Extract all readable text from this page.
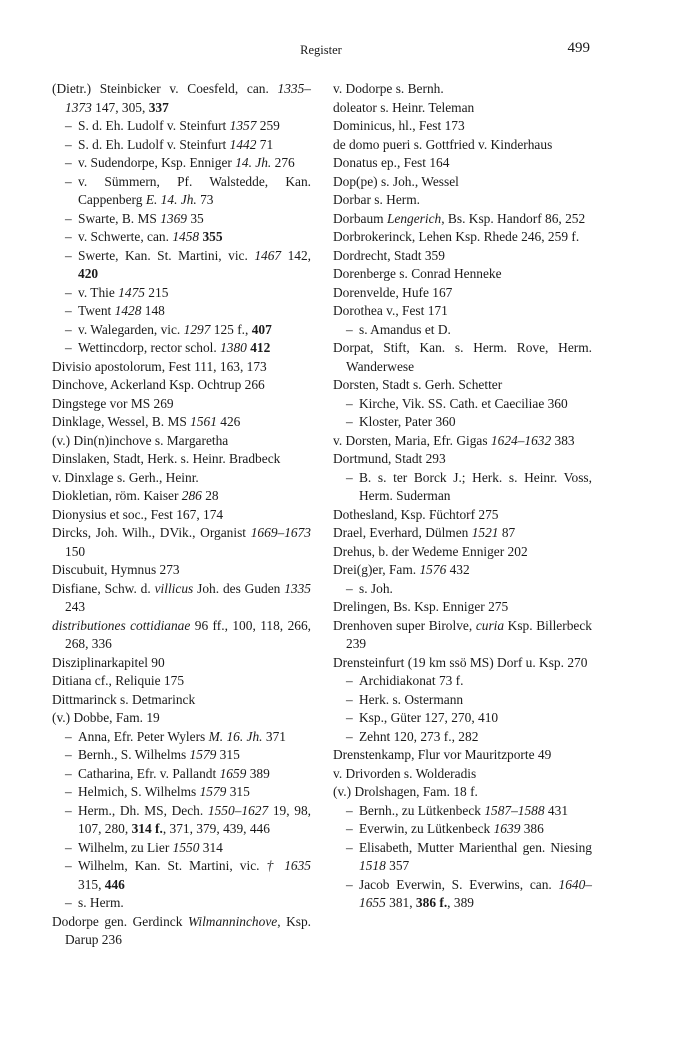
Register	499
(Dietr.) Steinbicker v. Coesfeld, can. 1335–1373 147, 305, 337
– S. d. Eh. Ludolf v. Steinfurt 1357 259
– S. d. Eh. Ludolf v. Steinfurt 1442 71
– v. Sudendorpe, Ksp. Enniger 14. Jh. 276
– v. Sümmern, Pf. Walstedde, Kan. Cappenberg E. 14. Jh. 73
– Swarte, B. MS 1369 35
– v. Schwerte, can. 1458 355
– Swerte, Kan. St. Martini, vic. 1467 142, 420
– v. Thie 1475 215
– Twent 1428 148
– v. Walegarden, vic. 1297 125 f., 407
– Wettincdorp, rector schol. 1380 412
Divisio apostolorum, Fest 111, 163, 173
Dinchove, Ackerland Ksp. Ochtrup 266
Dingstege vor MS 269
Dinklage, Wessel, B. MS 1561 426
(v.) Din(n)inchove s. Margaretha
Dinslaken, Stadt, Herk. s. Heinr. Bradbeck
v. Dinxlage s. Gerh., Heinr.
Diokletian, röm. Kaiser 286 28
Dionysius et soc., Fest 167, 174
Dircks, Joh. Wilh., DVik., Organist 1669–1673 150
Discubuit, Hymnus 273
Disfiane, Schw. d. villicus Joh. des Guden 1335 243
distributiones cottidianae 96 ff., 100, 118, 266, 268, 336
Disziplinarkapitel 90
Ditiana cf., Reliquie 175
Dittmarinck s. Detmarinck
(v.) Dobbe, Fam. 19
– Anna, Efr. Peter Wylers M. 16. Jh. 371
– Bernh., S. Wilhelms 1579 315
– Catharina, Efr. v. Pallandt 1659 389
– Helmich, S. Wilhelms 1579 315
– Herm., Dh. MS, Dech. 1550–1627 19, 98, 107, 280, 314 f., 371, 379, 439, 446
– Wilhelm, zu Lier 1550 314
– Wilhelm, Kan. St. Martini, vic. † 1635 315, 446
– s. Herm.
Dodorpe gen. Gerdinck Wilmanninchove, Ksp. Darup 236
v. Dodorpe s. Bernh.
doleator s. Heinr. Teleman
Dominicus, hl., Fest 173
de domo pueri s. Gottfried v. Kinderhaus
Donatus ep., Fest 164
Dop(pe) s. Joh., Wessel
Dorbar s. Herm.
Dorbaum Lengerich, Bs. Ksp. Handorf 86, 252
Dorbrokerinck, Lehen Ksp. Rhede 246, 259 f.
Dordrecht, Stadt 359
Dorenberge s. Conrad Henneke
Dorenvelde, Hufe 167
Dorothea v., Fest 171
– s. Amandus et D.
Dorpat, Stift, Kan. s. Herm. Rove, Herm. Wanderwese
Dorsten, Stadt s. Gerh. Schetter
– Kirche, Vik. SS. Cath. et Caeciliae 360
– Kloster, Pater 360
v. Dorsten, Maria, Efr. Gigas 1624–1632 383
Dortmund, Stadt 293
– B. s. ter Borck J.; Herk. s. Heinr. Voss, Herm. Suderman
Dothesland, Ksp. Füchtorf 275
Drael, Everhard, Dülmen 1521 87
Drehus, b. der Wedeme Enniger 202
Drei(g)er, Fam. 1576 432
– s. Joh.
Drelingen, Bs. Ksp. Enniger 275
Drenhoven super Birolve, curia Ksp. Billerbeck 239
Drensteinfurt (19 km ssö MS) Dorf u. Ksp. 270
– Archidiakonat 73 f.
– Herk. s. Ostermann
– Ksp., Güter 127, 270, 410
– Zehnt 120, 273 f., 282
Drenstenkamp, Flur vor Mauritzporte 49
v. Drivorden s. Wolderadis
(v.) Drolshagen, Fam. 18 f.
– Bernh., zu Lütkenbeck 1587–1588 431
– Everwin, zu Lütkenbeck 1639 386
– Elisabeth, Mutter Marienthal gen. Niesing 1518 357
– Jacob Everwin, S. Everwins, can. 1640–1655 381, 386 f., 389
